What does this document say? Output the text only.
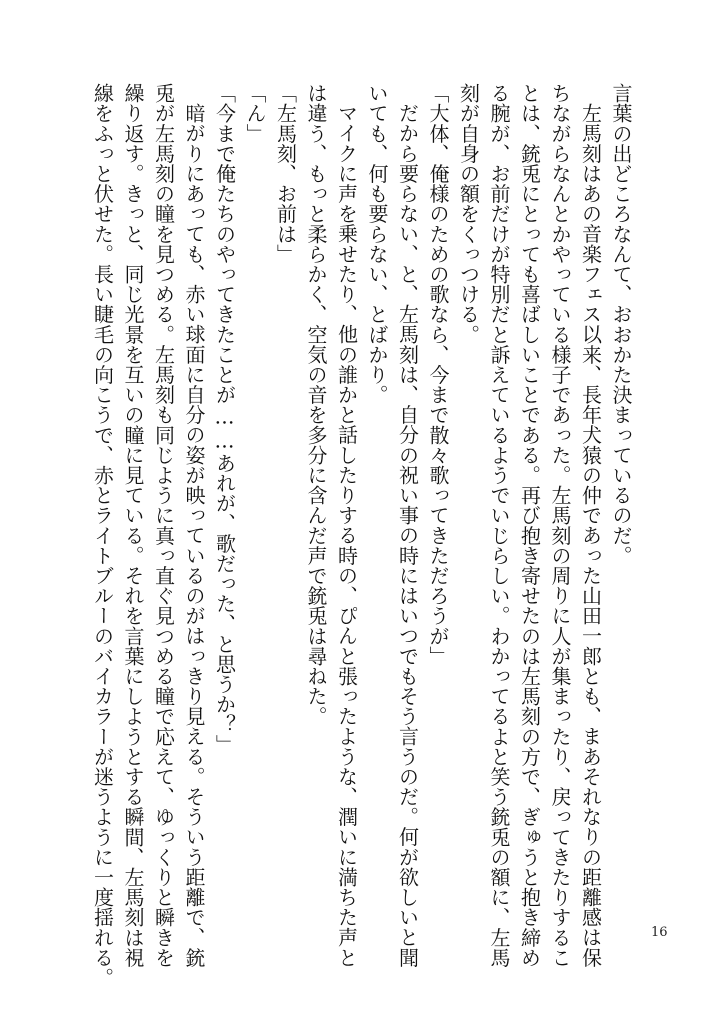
言葉の出どころなんて、おおかた決まっているのだ。
左馬刻はあの音楽フェス以来、長年犬猿の仲であった山田一郎とも、まあそれなりの距離感は保
ちながらなんとかやっている様子であった。左馬刻の周りに人が集まったり、戻ってきたりするこ
とは、銃兎にとっても喜ばしいことである。再び抱き寄せたのは左馬刻の方で、ぎゅうと抱き締め
る腕が、お前だけが特別だと訴えているようでいじらしい。わかってるよと笑う銃兎の額に、左馬
刻が自身の額をくっつける。
「大体、俺様のための歌なら、今まで散々歌ってきただろうが」
だから要らない、と、左馬刻は、自分の祝い事の時にはいつでもそう言うのだ。何が欲しいと聞
いても、何も要らない、とばかり。
マイクに声を乗せたり、他の誰かと話したりする時の、ぴんと張ったような、潤いに満ちた声と
は違う、もっと柔らかく、空気の音を多分に含んだ声で銃兎は尋ねた。
「左馬刻、お前は」
「ん」
「今まで俺たちのやってきたことが……あれが、歌だった、と思うか？」
暗がりにあっても、赤い球面に自分の姿が映っているのがはっきり見える。そういう距離で、銃
兎が左馬刻の瞳を見つめる。左馬刻も同じように真っ直ぐ見つめる瞳で応えて、ゆっくりと瞬きを
繰り返す。きっと、同じ光景を互いの瞳に見ている。それを言葉にしようとする瞬間、左馬刻は視
線をふっと伏せた。長い睫毛の向こうで、赤とライトブルーのバイカラーが迷うように一度揺れる。	16
